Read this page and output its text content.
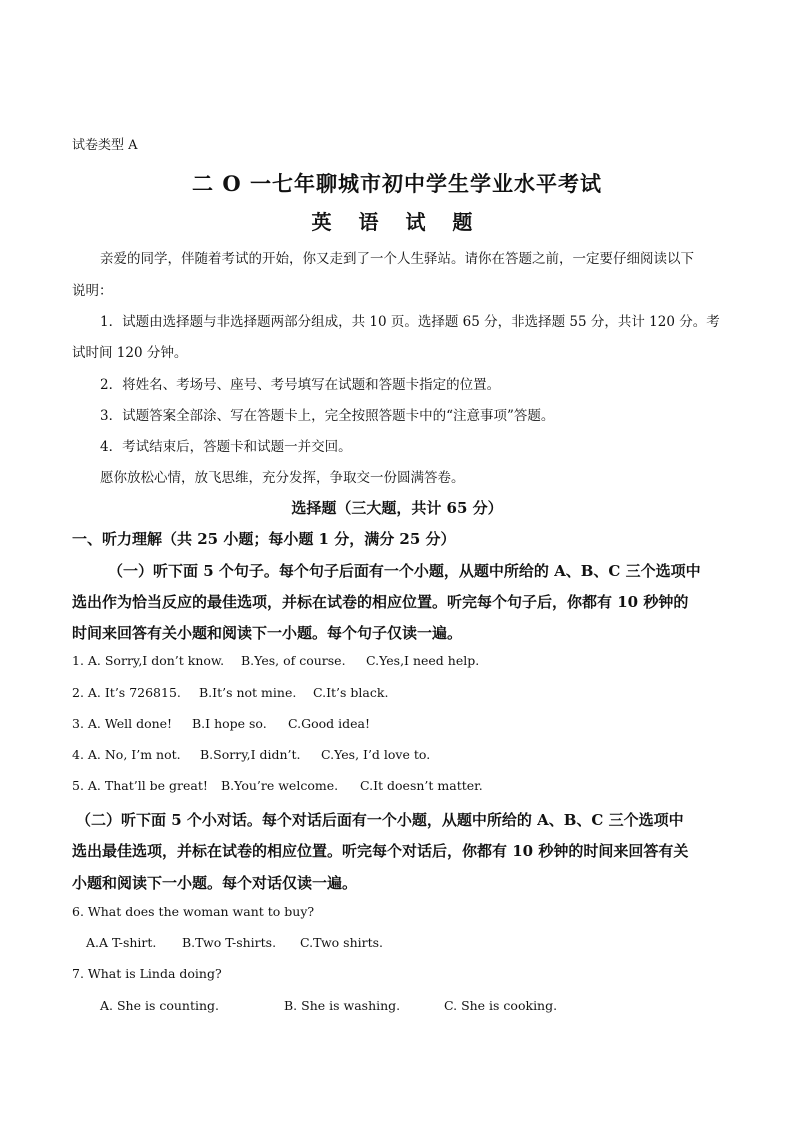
试卷类型 A
二 O 一七年聊城市初中学生学业水平考试
英 语 试 题
亲爱的同学，伴随着考试的开始，你又走到了一个人生驿站。请你在答题之前，一定要仔细阅读以下
说明：
1．试题由选择题与非选择题两部分组成，共 10 页。选择题 65 分，非选择题 55 分，共计 120 分。考
试时间 120 分钟。
2．将姓名、考场号、座号、考号填写在试题和答题卡指定的位置。
3．试题答案全部涂、写在答题卡上，完全按照答题卡中的“注意事项”答题。
4．考试结束后，答题卡和试题一并交回。
愿你放松心情，放飞思维，充分发挥，争取交一份圆满答卷。
选择题（三大题，共计 65 分）
一、听力理解（共 25 小题；每小题 1 分，满分 25 分）
（一）听下面 5 个句子。每个句子后面有一个小题，从题中所给的 A、B、C 三个选项中
选出作为恰当反应的最佳选项，并标在试卷的相应位置。听完每个句子后，你都有 10 秒钟的
时间来回答有关小题和阅读下一小题。每个句子仅读一遍。
1. A. Sorry,I don’t know. B.Yes, of course. C.Yes,I need help.
2. A. It’s 726815. B.It’s not mine. C.It’s black.
3. A. Well done! B.I hope so. C.Good idea!
4. A. No, I’m not. B.Sorry,I didn’t. C.Yes, I’d love to.
5. A. That’ll be great! B.You’re welcome. C.It doesn’t matter.
（二）听下面 5 个小对话。每个对话后面有一个小题，从题中所给的 A、B、C 三个选项中
选出最佳选项，并标在试卷的相应位置。听完每个对话后，你都有 10 秒钟的时间来回答有关
小题和阅读下一小题。每个对话仅读一遍。
6. What does the woman want to buy?
A.A T-shirt. B.Two T-shirts. C.Two shirts.
7. What is Linda doing?
A. She is counting.	B. She is washing.	C. She is cooking.
